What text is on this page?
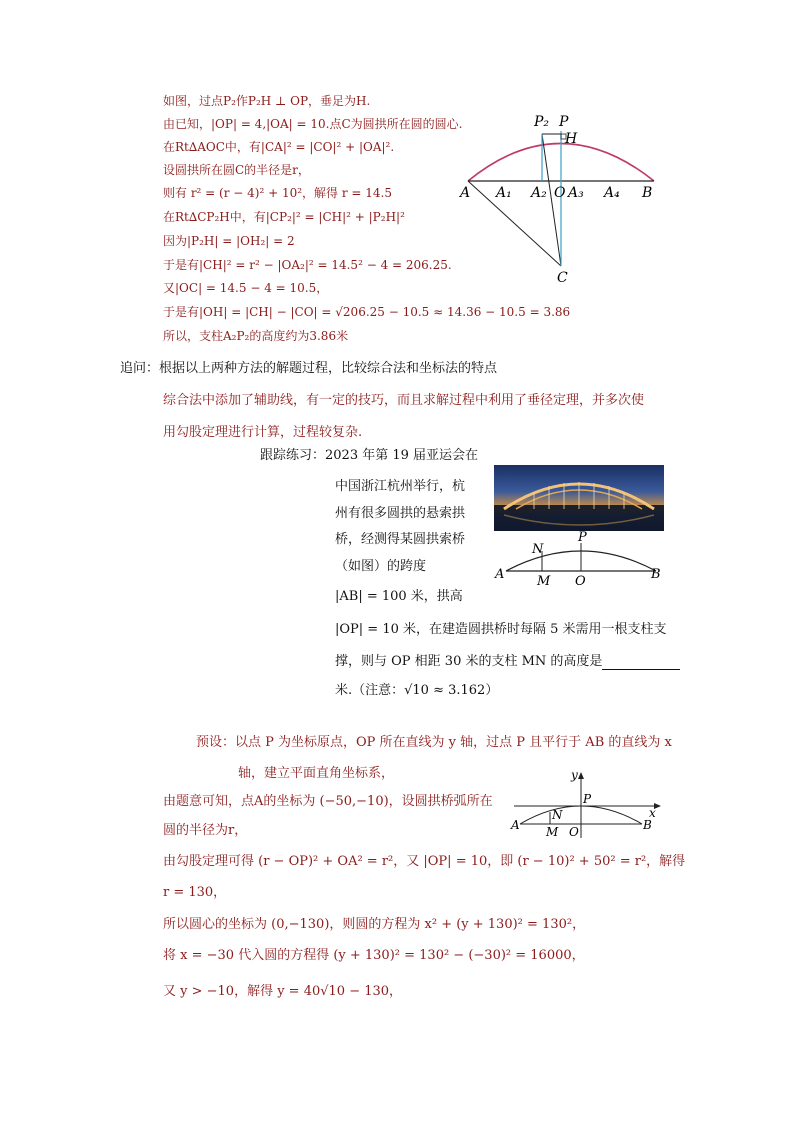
如图，过点P₂作P₂H ⊥ OP，垂足为H.
由已知，|OP| = 4,|OA| = 10.点C为圆拱所在圆的圆心.
在Rt∆AOC中，有|CA|² = |CO|² + |OA|².
设圆拱所在圆C的半径是r，
则有 r² = (r − 4)² + 10²，解得 r = 14.5
在Rt∆CP₂H中，有|CP₂|² = |CH|² + |P₂H|²
因为|P₂H| = |OH₂| = 2
于是有|CH|² = r² − |OA₂|² = 14.5² − 4 = 206.25.
又|OC| = 14.5 − 4 = 10.5，
于是有|OH| = |CH| − |CO| = √206.25 − 10.5 ≈ 14.36 − 10.5 = 3.86
所以，支柱A₂P₂的高度约为3.86米
P₂ P
H
A A₁ A₂ O A₃ A₄ B
C
追问：根据以上两种方法的解题过程，比较综合法和坐标法的特点
综合法中添加了辅助线，有一定的技巧，而且求解过程中利用了垂径定理，并多次使
用勾股定理进行计算，过程较复杂.
跟踪练习：2023 年第 19 届亚运会在
中国浙江杭州举行，杭
州有很多圆拱的悬索拱
桥，经测得某圆拱索桥
（如图）的跨度
|AB| = 100 米，拱高
|OP| = 10 米，在建造圆拱桥时每隔 5 米需用一根支柱支
撑，则与 OP 相距 30 米的支柱 MN 的高度是
米.（注意：√10 ≈ 3.162）
N
P
A	M O	B
预设：以点 P 为坐标原点，OP 所在直线为 y 轴，过点 P 且平行于 AB 的直线为 x
轴，建立平面直角坐标系，
由题意可知，点A的坐标为 (−50,−10)，设圆拱桥弧所在
圆的半径为r，
由勾股定理可得 (r − OP)² + OA² = r²，又 |OP| = 10，即 (r − 10)² + 50² = r²，解得
r = 130，
所以圆心的坐标为 (0,−130)，则圆的方程为 x² + (y + 130)² = 130²，
将 x = −30 代入圆的方程得 (y + 130)² = 130² − (−30)² = 16000，
又 y > −10，解得 y = 40√10 − 130，
y
P
x
N
A M O	B
